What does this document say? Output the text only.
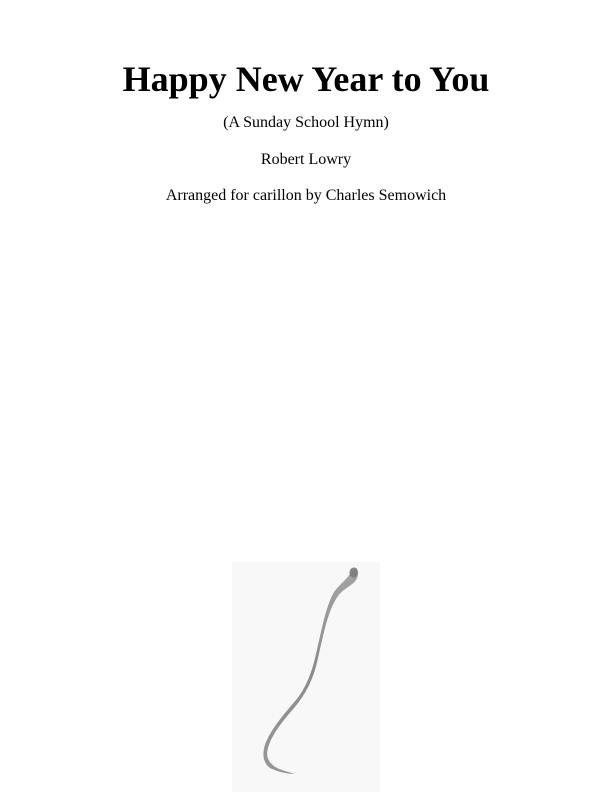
Happy New Year to You

(A Sunday School Hymn)

Robert Lowry

Arranged for carillon by Charles Semowich
